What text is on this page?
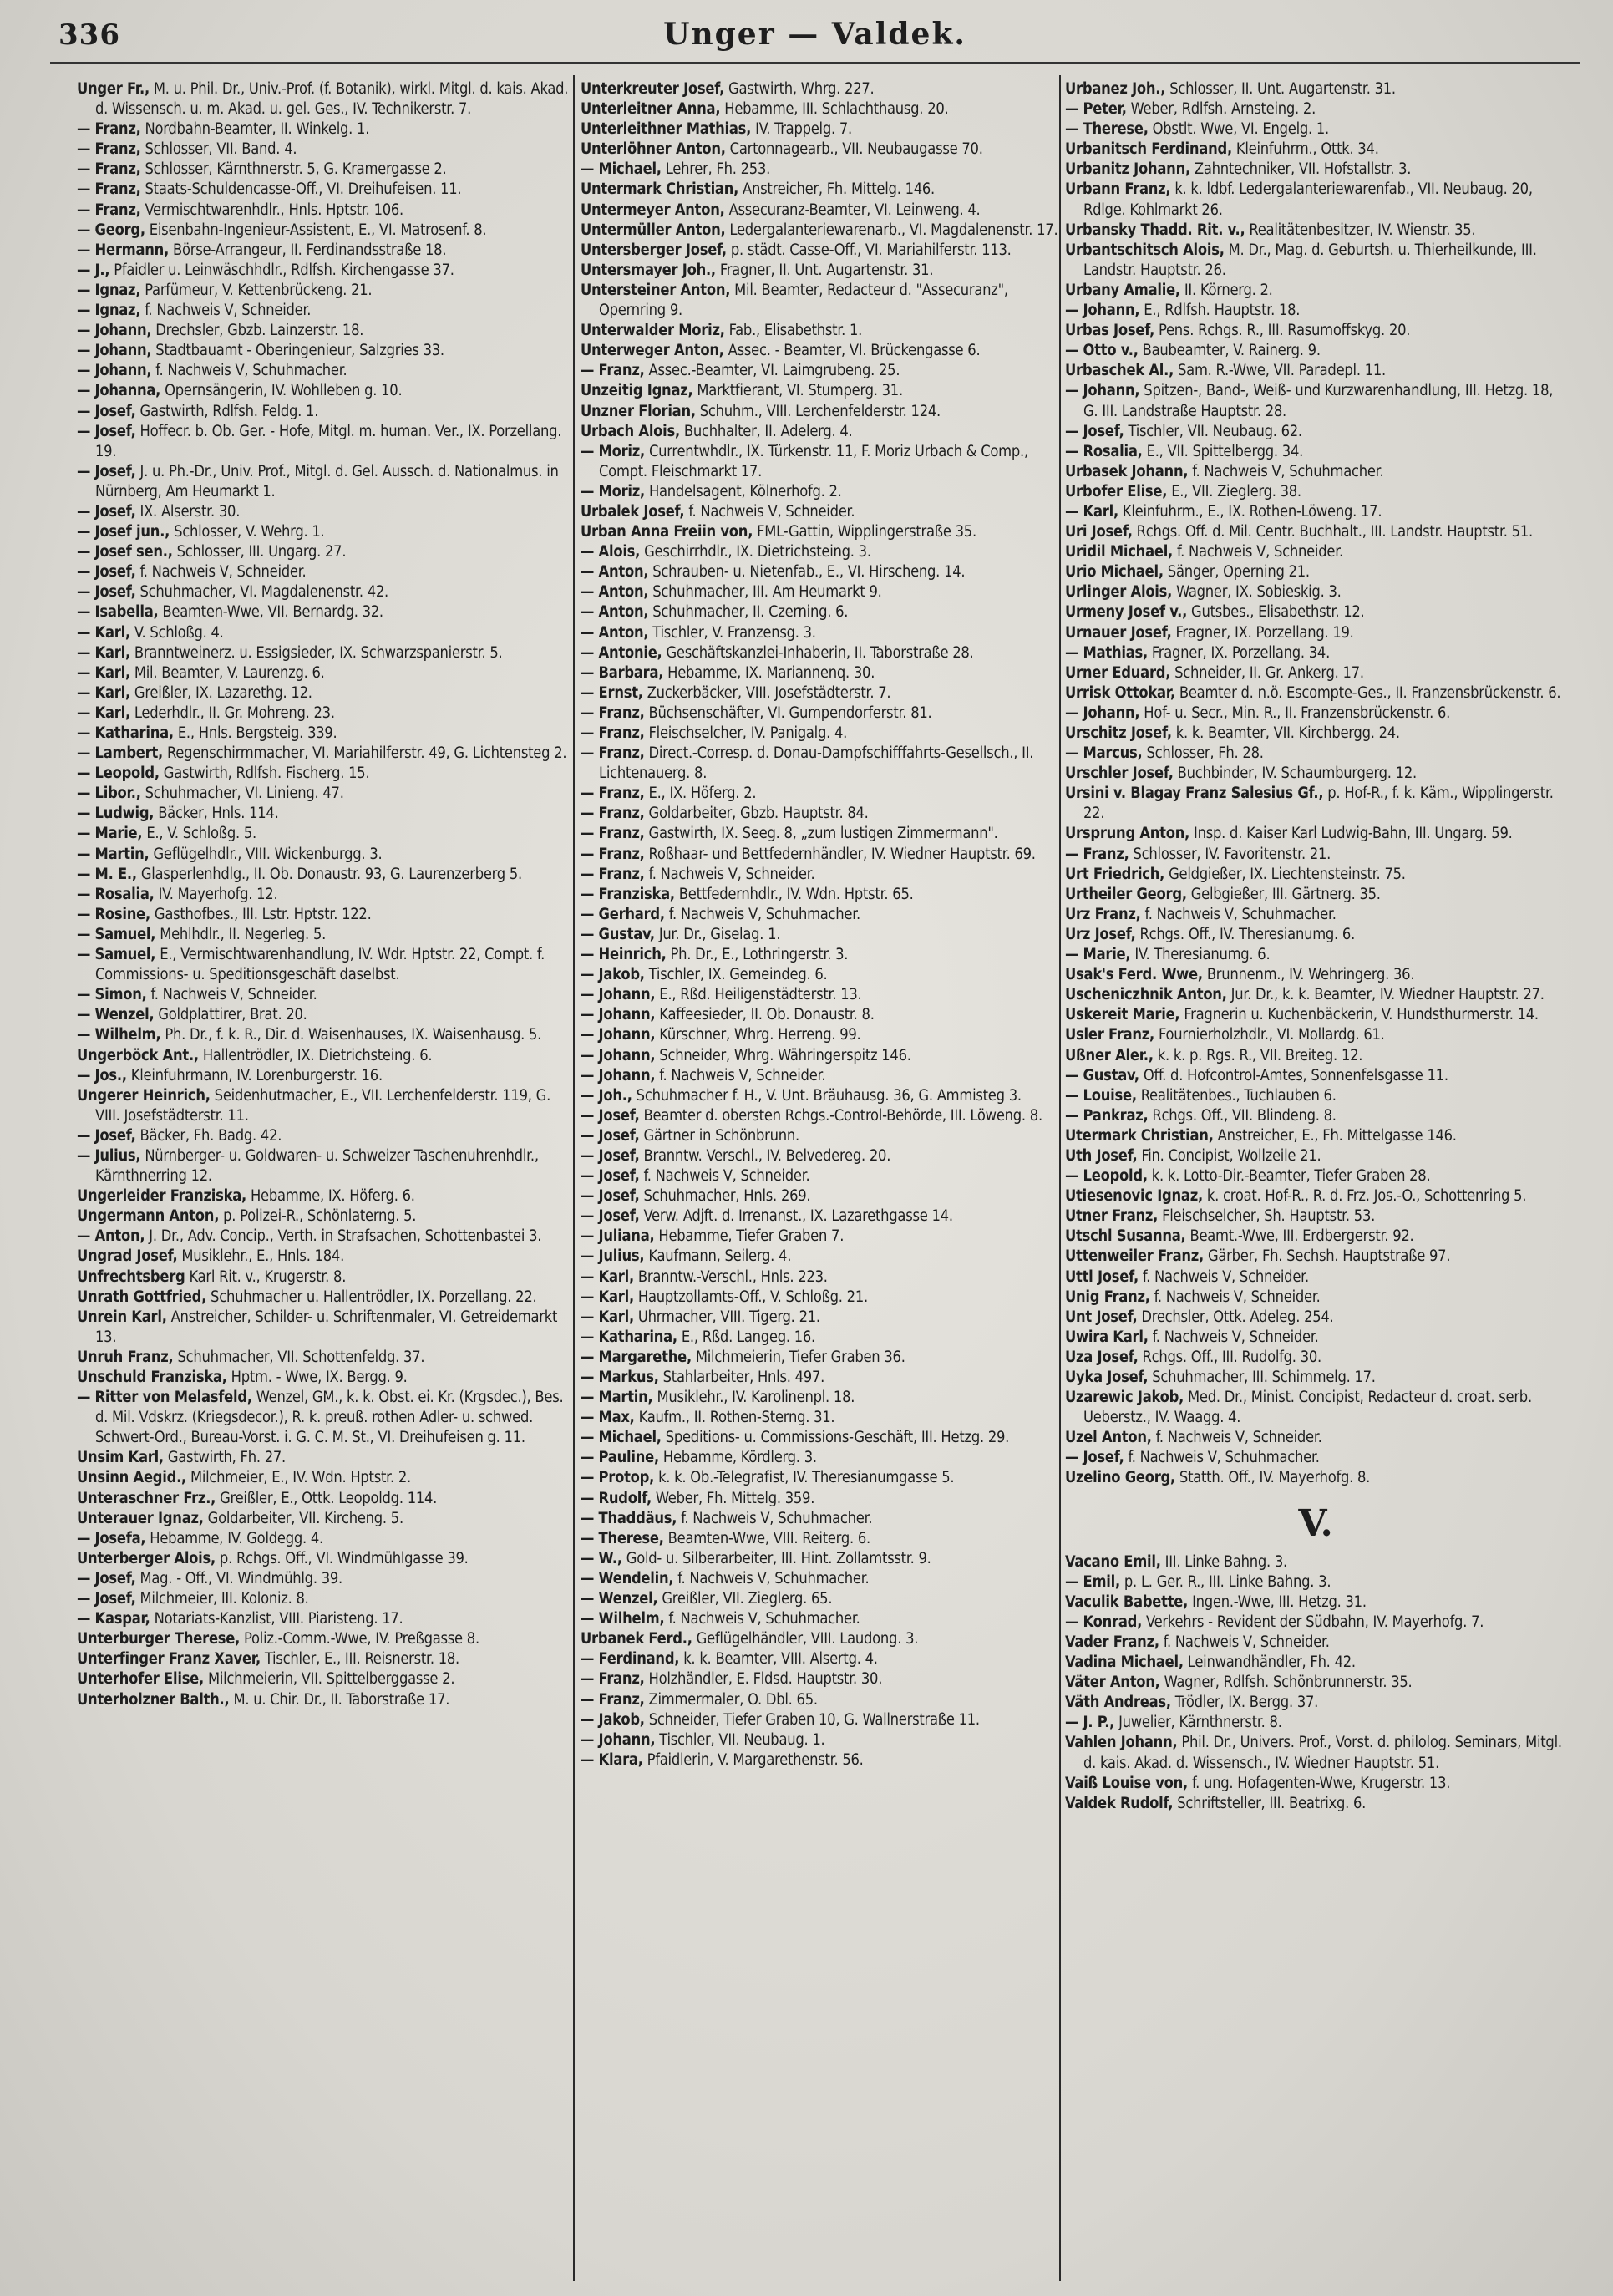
336	Unger — Valdek.

Unger Fr., M. u. Phil. Dr., Univ.-Prof. (f. Botanik), wirkl. Mitgl. d. kais. Akad. d. Wissensch. u. m. Akad. u. gel. Ges., IV. Technikerstr. 7.

— Franz, Nordbahn-Beamter, II. Winkelg. 1.

— Franz, Schlosser, VII. Band. 4.

— Franz, Schlosser, Kärnthnerstr. 5, G. Kramergasse 2.

— Franz, Staats-Schuldencasse-Off., VI. Dreihufeisen. 11.

— Franz, Vermischtwarenhdlr., Hnls. Hptstr. 106.

— Georg, Eisenbahn-Ingenieur-Assistent, E., VI. Matrosenf. 8.

— Hermann, Börse-Arrangeur, II. Ferdinandsstraße 18.

— J., Pfaidler u. Leinwäschhdlr., Rdlfsh. Kirchengasse 37.

— Ignaz, Parfümeur, V. Kettenbrückeng. 21.

— Ignaz, f. Nachweis V, Schneider.

— Johann, Drechsler, Gbzb. Lainzerstr. 18.

— Johann, Stadtbauamt - Oberingenieur, Salzgries 33.

— Johann, f. Nachweis V, Schuhmacher.

— Johanna, Opernsängerin, IV. Wohlleben g. 10.

— Josef, Gastwirth, Rdlfsh. Feldg. 1.

— Josef, Hoffecr. b. Ob. Ger. - Hofe, Mitgl. m. human. Ver., IX. Porzellang. 19.

— Josef, J. u. Ph.-Dr., Univ. Prof., Mitgl. d. Gel. Aussch. d. Nationalmus. in Nürnberg, Am Heumarkt 1.

— Josef, IX. Alserstr. 30.

— Josef jun., Schlosser, V. Wehrg. 1.

— Josef sen., Schlosser, III. Ungarg. 27.

— Josef, f. Nachweis V, Schneider.

— Josef, Schuhmacher, VI. Magdalenenstr. 42.

— Isabella, Beamten-Wwe, VII. Bernardg. 32.

— Karl, V. Schloßg. 4.

— Karl, Branntweinerz. u. Essigsieder, IX. Schwarzspanierstr. 5.

— Karl, Mil. Beamter, V. Laurenzg. 6.

— Karl, Greißler, IX. Lazarethg. 12.

— Karl, Lederhdlr., II. Gr. Mohreng. 23.

— Katharina, E., Hnls. Bergsteig. 339.

— Lambert, Regenschirmmacher, VI. Mariahilferstr. 49, G. Lichtensteg 2.

— Leopold, Gastwirth, Rdlfsh. Fischerg. 15.

— Libor., Schuhmacher, VI. Linieng. 47.

— Ludwig, Bäcker, Hnls. 114.

— Marie, E., V. Schloßg. 5.

— Martin, Geflügelhdlr., VIII. Wickenburgg. 3.

— M. E., Glasperlenhdlg., II. Ob. Donaustr. 93, G. Laurenzerberg 5.

— Rosalia, IV. Mayerhofg. 12.

— Rosine, Gasthofbes., III. Lstr. Hptstr. 122.

— Samuel, Mehlhdlr., II. Negerleg. 5.

— Samuel, E., Vermischtwarenhandlung, IV. Wdr. Hptstr. 22, Compt. f. Commissions- u. Speditionsgeschäft daselbst.

— Simon, f. Nachweis V, Schneider.

— Wenzel, Goldplattirer, Brat. 20.

— Wilhelm, Ph. Dr., f. k. R., Dir. d. Waisenhauses, IX. Waisenhausg. 5.

Ungerböck Ant., Hallentrödler, IX. Dietrichsteing. 6.

— Jos., Kleinfuhrmann, IV. Lorenburgerstr. 16.

Ungerer Heinrich, Seidenhutmacher, E., VII. Lerchenfelderstr. 119, G. VIII. Josefstädterstr. 11.

— Josef, Bäcker, Fh. Badg. 42.

— Julius, Nürnberger- u. Goldwaren- u. Schweizer Taschenuhrenhdlr., Kärnthnerring 12.

Ungerleider Franziska, Hebamme, IX. Höferg. 6.

Ungermann Anton, p. Polizei-R., Schönlaterng. 5.

— Anton, J. Dr., Adv. Concip., Verth. in Strafsachen, Schottenbastei 3.

Ungrad Josef, Musiklehr., E., Hnls. 184.

Unfrechtsberg Karl Rit. v., Krugerstr. 8.

Unrath Gottfried, Schuhmacher u. Hallentrödler, IX. Porzellang. 22.

Unrein Karl, Anstreicher, Schilder- u. Schriftenmaler, VI. Getreidemarkt 13.

Unruh Franz, Schuhmacher, VII. Schottenfeldg. 37.

Unschuld Franziska, Hptm. - Wwe, IX. Bergg. 9.

— Ritter von Melasfeld, Wenzel, GM., k. k. Obst. ei. Kr. (Krgsdec.), Bes. d. Mil. Vdskrz. (Kriegsdecor.), R. k. preuß. rothen Adler- u. schwed. Schwert-Ord., Bureau-Vorst. i. G. C. M. St., VI. Dreihufeisen g. 11.

Unsim Karl, Gastwirth, Fh. 27.

Unsinn Aegid., Milchmeier, E., IV. Wdn. Hptstr. 2.

Unteraschner Frz., Greißler, E., Ottk. Leopoldg. 114.

Unterauer Ignaz, Goldarbeiter, VII. Kircheng. 5.

— Josefa, Hebamme, IV. Goldegg. 4.

Unterberger Alois, p. Rchgs. Off., VI. Windmühlgasse 39.

— Josef, Mag. - Off., VI. Windmühlg. 39.

— Josef, Milchmeier, III. Koloniz. 8.

— Kaspar, Notariats-Kanzlist, VIII. Piaristeng. 17.

Unterburger Therese, Poliz.-Comm.-Wwe, IV. Preßgasse 8.

Unterfinger Franz Xaver, Tischler, E., III. Reisnerstr. 18.

Unterhofer Elise, Milchmeierin, VII. Spittelberggasse 2.

Unterholzner Balth., M. u. Chir. Dr., II. Taborstraße 17.

Unterkreuter Josef, Gastwirth, Whrg. 227.

Unterleitner Anna, Hebamme, III. Schlachthausg. 20.

Unterleithner Mathias, IV. Trappelg. 7.

Unterlöhner Anton, Cartonnagearb., VII. Neubaugasse 70.

— Michael, Lehrer, Fh. 253.

Untermark Christian, Anstreicher, Fh. Mittelg. 146.

Untermeyer Anton, Assecuranz-Beamter, VI. Leinweng. 4.

Untermüller Anton, Ledergalanteriewarenarb., VI. Magdalenenstr. 17.

Untersberger Josef, p. städt. Casse-Off., VI. Mariahilferstr. 113.

Untersmayer Joh., Fragner, II. Unt. Augartenstr. 31.

Untersteiner Anton, Mil. Beamter, Redacteur d. "Assecuranz", Opernring 9.

Unterwalder Moriz, Fab., Elisabethstr. 1.

Unterweger Anton, Assec. - Beamter, VI. Brückengasse 6.

— Franz, Assec.-Beamter, VI. Laimgrubeng. 25.

Unzeitig Ignaz, Marktfierant, VI. Stumperg. 31.

Unzner Florian, Schuhm., VIII. Lerchenfelderstr. 124.

Urbach Alois, Buchhalter, II. Adelerg. 4.

— Moriz, Currentwhdlr., IX. Türkenstr. 11, F. Moriz Urbach & Comp., Compt. Fleischmarkt 17.

— Moriz, Handelsagent, Kölnerhofg. 2.

Urbalek Josef, f. Nachweis V, Schneider.

Urban Anna Freiin von, FML-Gattin, Wipplingerstraße 35.

— Alois, Geschirrhdlr., IX. Dietrichsteing. 3.

— Anton, Schrauben- u. Nietenfab., E., VI. Hirscheng. 14.

— Anton, Schuhmacher, III. Am Heumarkt 9.

— Anton, Schuhmacher, II. Czerning. 6.

— Anton, Tischler, V. Franzensg. 3.

— Antonie, Geschäftskanzlei-Inhaberin, II. Taborstraße 28.

— Barbara, Hebamme, IX. Mariannenq. 30.

— Ernst, Zuckerbäcker, VIII. Josefstädterstr. 7.

— Franz, Büchsenschäfter, VI. Gumpendorferstr. 81.

— Franz, Fleischselcher, IV. Panigalg. 4.

— Franz, Direct.-Corresp. d. Donau-Dampfschifffahrts-Gesellsch., II. Lichtenauerg. 8.

— Franz, E., IX. Höferg. 2.

— Franz, Goldarbeiter, Gbzb. Hauptstr. 84.

— Franz, Gastwirth, IX. Seeg. 8, „zum lustigen Zimmermann".

— Franz, Roßhaar- und Bettfedernhändler, IV. Wiedner Hauptstr. 69.

— Franz, f. Nachweis V, Schneider.

— Franziska, Bettfedernhdlr., IV. Wdn. Hptstr. 65.

— Gerhard, f. Nachweis V, Schuhmacher.

— Gustav, Jur. Dr., Giselag. 1.

— Heinrich, Ph. Dr., E., Lothringerstr. 3.

— Jakob, Tischler, IX. Gemeindeg. 6.

— Johann, E., Rßd. Heiligenstädterstr. 13.

— Johann, Kaffeesieder, II. Ob. Donaustr. 8.

— Johann, Kürschner, Whrg. Herreng. 99.

— Johann, Schneider, Whrg. Währingerspitz 146.

— Johann, f. Nachweis V, Schneider.

— Joh., Schuhmacher f. H., V. Unt. Bräuhausg. 36, G. Ammisteg 3.

— Josef, Beamter d. obersten Rchgs.-Control-Behörde, III. Löweng. 8.

— Josef, Gärtner in Schönbrunn.

— Josef, Branntw. Verschl., IV. Belvedereg. 20.

— Josef, f. Nachweis V, Schneider.

— Josef, Schuhmacher, Hnls. 269.

— Josef, Verw. Adjft. d. Irrenanst., IX. Lazarethgasse 14.

— Juliana, Hebamme, Tiefer Graben 7.

— Julius, Kaufmann, Seilerg. 4.

— Karl, Branntw.-Verschl., Hnls. 223.

— Karl, Hauptzollamts-Off., V. Schloßg. 21.

— Karl, Uhrmacher, VIII. Tigerg. 21.

— Katharina, E., Rßd. Langeg. 16.

— Margarethe, Milchmeierin, Tiefer Graben 36.

— Markus, Stahlarbeiter, Hnls. 497.

— Martin, Musiklehr., IV. Karolinenpl. 18.

— Max, Kaufm., II. Rothen-Sterng. 31.

— Michael, Speditions- u. Commissions-Geschäft, III. Hetzg. 29.

— Pauline, Hebamme, Kördlerg. 3.

— Protop, k. k. Ob.-Telegrafist, IV. Theresianumgasse 5.

— Rudolf, Weber, Fh. Mittelg. 359.

— Thaddäus, f. Nachweis V, Schuhmacher.

— Therese, Beamten-Wwe, VIII. Reiterg. 6.

— W., Gold- u. Silberarbeiter, III. Hint. Zollamtsstr. 9.

— Wendelin, f. Nachweis V, Schuhmacher.

— Wenzel, Greißler, VII. Zieglerg. 65.

— Wilhelm, f. Nachweis V, Schuhmacher.

Urbanek Ferd., Geflügelhändler, VIII. Laudong. 3.

— Ferdinand, k. k. Beamter, VIII. Alsertg. 4.

— Franz, Holzhändler, E. Fldsd. Hauptstr. 30.

— Franz, Zimmermaler, O. Dbl. 65.

— Jakob, Schneider, Tiefer Graben 10, G. Wallnerstraße 11.

— Johann, Tischler, VII. Neubaug. 1.

— Klara, Pfaidlerin, V. Margarethenstr. 56.

Urbanez Joh., Schlosser, II. Unt. Augartenstr. 31.

— Peter, Weber, Rdlfsh. Arnsteing. 2.

— Therese, Obstlt. Wwe, VI. Engelg. 1.

Urbanitsch Ferdinand, Kleinfuhrm., Ottk. 34.

Urbanitz Johann, Zahntechniker, VII. Hofstallstr. 3.

Urbann Franz, k. k. ldbf. Ledergalanteriewarenfab., VII. Neubaug. 20, Rdlge. Kohlmarkt 26.

Urbansky Thadd. Rit. v., Realitätenbesitzer, IV. Wienstr. 35.

Urbantschitsch Alois, M. Dr., Mag. d. Geburtsh. u. Thierheilkunde, III. Landstr. Hauptstr. 26.

Urbany Amalie, II. Körnerg. 2.

— Johann, E., Rdlfsh. Hauptstr. 18.

Urbas Josef, Pens. Rchgs. R., III. Rasumoffskyg. 20.

— Otto v., Baubeamter, V. Rainerg. 9.

Urbaschek Al., Sam. R.-Wwe, VII. Paradepl. 11.

— Johann, Spitzen-, Band-, Weiß- und Kurzwarenhandlung, III. Hetzg. 18, G. III. Landstraße Hauptstr. 28.

— Josef, Tischler, VII. Neubaug. 62.

— Rosalia, E., VII. Spittelbergg. 34.

Urbasek Johann, f. Nachweis V, Schuhmacher.

Urbofer Elise, E., VII. Zieglerg. 38.

— Karl, Kleinfuhrm., E., IX. Rothen-Löweng. 17.

Uri Josef, Rchgs. Off. d. Mil. Centr. Buchhalt., III. Landstr. Hauptstr. 51.

Uridil Michael, f. Nachweis V, Schneider.

Urio Michael, Sänger, Operning 21.

Urlinger Alois, Wagner, IX. Sobieskig. 3.

Urmeny Josef v., Gutsbes., Elisabethstr. 12.

Urnauer Josef, Fragner, IX. Porzellang. 19.

— Mathias, Fragner, IX. Porzellang. 34.

Urner Eduard, Schneider, II. Gr. Ankerg. 17.

Urrisk Ottokar, Beamter d. n.ö. Escompte-Ges., II. Franzensbrückenstr. 6.

— Johann, Hof- u. Secr., Min. R., II. Franzensbrückenstr. 6.

Urschitz Josef, k. k. Beamter, VII. Kirchbergg. 24.

— Marcus, Schlosser, Fh. 28.

Urschler Josef, Buchbinder, IV. Schaumburgerg. 12.

Ursini v. Blagay Franz Salesius Gf., p. Hof-R., f. k. Käm., Wipplingerstr. 22.

Ursprung Anton, Insp. d. Kaiser Karl Ludwig-Bahn, III. Ungarg. 59.

— Franz, Schlosser, IV. Favoritenstr. 21.

Urt Friedrich, Geldgießer, IX. Liechtensteinstr. 75.

Urtheiler Georg, Gelbgießer, III. Gärtnerg. 35.

Urz Franz, f. Nachweis V, Schuhmacher.

Urz Josef, Rchgs. Off., IV. Theresianumg. 6.

— Marie, IV. Theresianumg. 6.

Usak's Ferd. Wwe, Brunnenm., IV. Wehringerg. 36.

Uscheniczhnik Anton, Jur. Dr., k. k. Beamter, IV. Wiedner Hauptstr. 27.

Uskereit Marie, Fragnerin u. Kuchenbäckerin, V. Hundsthurmerstr. 14.

Usler Franz, Fournierholzhdlr., VI. Mollardg. 61.

Ußner Aler., k. k. p. Rgs. R., VII. Breiteg. 12.

— Gustav, Off. d. Hofcontrol-Amtes, Sonnenfelsgasse 11.

— Louise, Realitätenbes., Tuchlauben 6.

— Pankraz, Rchgs. Off., VII. Blindeng. 8.

Utermark Christian, Anstreicher, E., Fh. Mittelgasse 146.

Uth Josef, Fin. Concipist, Wollzeile 21.

— Leopold, k. k. Lotto-Dir.-Beamter, Tiefer Graben 28.

Utiesenovic Ignaz, k. croat. Hof-R., R. d. Frz. Jos.-O., Schottenring 5.

Utner Franz, Fleischselcher, Sh. Hauptstr. 53.

Utschl Susanna, Beamt.-Wwe, III. Erdbergerstr. 92.

Uttenweiler Franz, Gärber, Fh. Sechsh. Hauptstraße 97.

Uttl Josef, f. Nachweis V, Schneider.

Unig Franz, f. Nachweis V, Schneider.

Unt Josef, Drechsler, Ottk. Adeleg. 254.

Uwira Karl, f. Nachweis V, Schneider.

Uza Josef, Rchgs. Off., III. Rudolfg. 30.

Uyka Josef, Schuhmacher, III. Schimmelg. 17.

Uzarewic Jakob, Med. Dr., Minist. Concipist, Redacteur d. croat. serb. Ueberstz., IV. Waagg. 4.

Uzel Anton, f. Nachweis V, Schneider.

— Josef, f. Nachweis V, Schuhmacher.

Uzelino Georg, Statth. Off., IV. Mayerhofg. 8.

V.

Vacano Emil, III. Linke Bahng. 3.

— Emil, p. L. Ger. R., III. Linke Bahng. 3.

Vaculik Babette, Ingen.-Wwe, III. Hetzg. 31.

— Konrad, Verkehrs - Revident der Südbahn, IV. Mayerhofg. 7.

Vader Franz, f. Nachweis V, Schneider.

Vadina Michael, Leinwandhändler, Fh. 42.

Väter Anton, Wagner, Rdlfsh. Schönbrunnerstr. 35.

Väth Andreas, Trödler, IX. Bergg. 37.

— J. P., Juwelier, Kärnthnerstr. 8.

Vahlen Johann, Phil. Dr., Univers. Prof., Vorst. d. philolog. Seminars, Mitgl. d. kais. Akad. d. Wissensch., IV. Wiedner Hauptstr. 51.

Vaiß Louise von, f. ung. Hofagenten-Wwe, Krugerstr. 13.

Valdek Rudolf, Schriftsteller, III. Beatrixg. 6.
